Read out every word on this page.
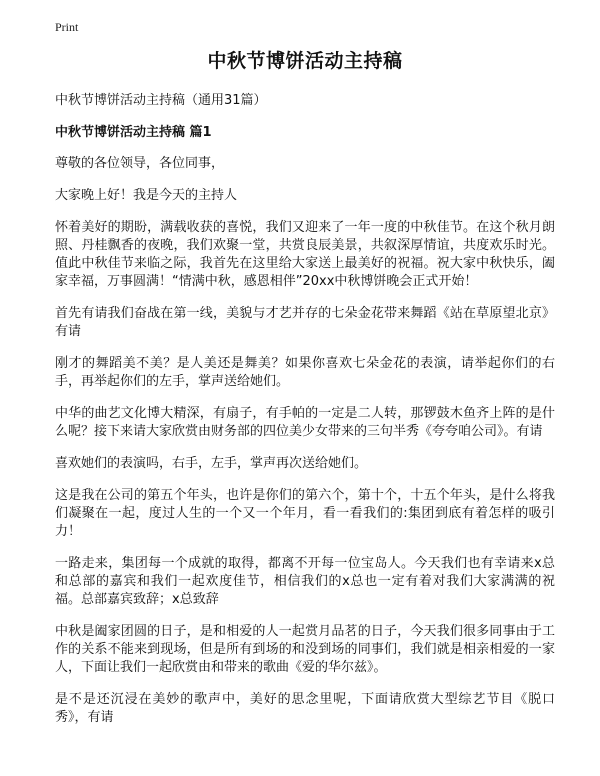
Print
中秋节博饼活动主持稿
中秋节博饼活动主持稿（通用31篇）
中秋节博饼活动主持稿 篇1

尊敬的各位领导，各位同事，

大家晚上好！我是今天的主持人

怀着美好的期盼，满载收获的喜悦，我们又迎来了一年一度的中秋佳节。在这个秋月朗照、丹桂飘香的夜晚，我们欢聚一堂，共赏良辰美景，共叙深厚情谊，共度欢乐时光。值此中秋佳节来临之际，我首先在这里给大家送上最美好的祝福。祝大家中秋快乐，阖家幸福，万事圆满！“情满中秋，感恩相伴”20xx中秋博饼晚会正式开始！

首先有请我们奋战在第一线，美貌与才艺并存的七朵金花带来舞蹈《站在草原望北京》有请

刚才的舞蹈美不美？是人美还是舞美？如果你喜欢七朵金花的表演，请举起你们的右手，再举起你们的左手，掌声送给她们。

中华的曲艺文化博大精深，有扇子，有手帕的一定是二人转，那锣鼓木鱼齐上阵的是什么呢？接下来请大家欣赏由财务部的四位美少女带来的三句半秀《夸夸咱公司》。有请

喜欢她们的表演吗，右手，左手，掌声再次送给她们。

这是我在公司的第五个年头，也许是你们的第六个，第十个，十五个年头，是什么将我们凝聚在一起，度过人生的一个又一个年月，看一看我们的:集团到底有着怎样的吸引力！

一路走来，集团每一个成就的取得，都离不开每一位宝岛人。今天我们也有幸请来x总和总部的嘉宾和我们一起欢度佳节，相信我们的x总也一定有着对我们大家满满的祝福。总部嘉宾致辞；x总致辞

中秋是阖家团圆的日子，是和相爱的人一起赏月品茗的日子，今天我们很多同事由于工作的关系不能来到现场，但是所有到场的和没到场的同事们，我们就是相亲相爱的一家人，下面让我们一起欣赏由和带来的歌曲《爱的华尔兹》。

是不是还沉浸在美妙的歌声中，美好的思念里呢，下面请欣赏大型综艺节目《脱口秀》，有请
